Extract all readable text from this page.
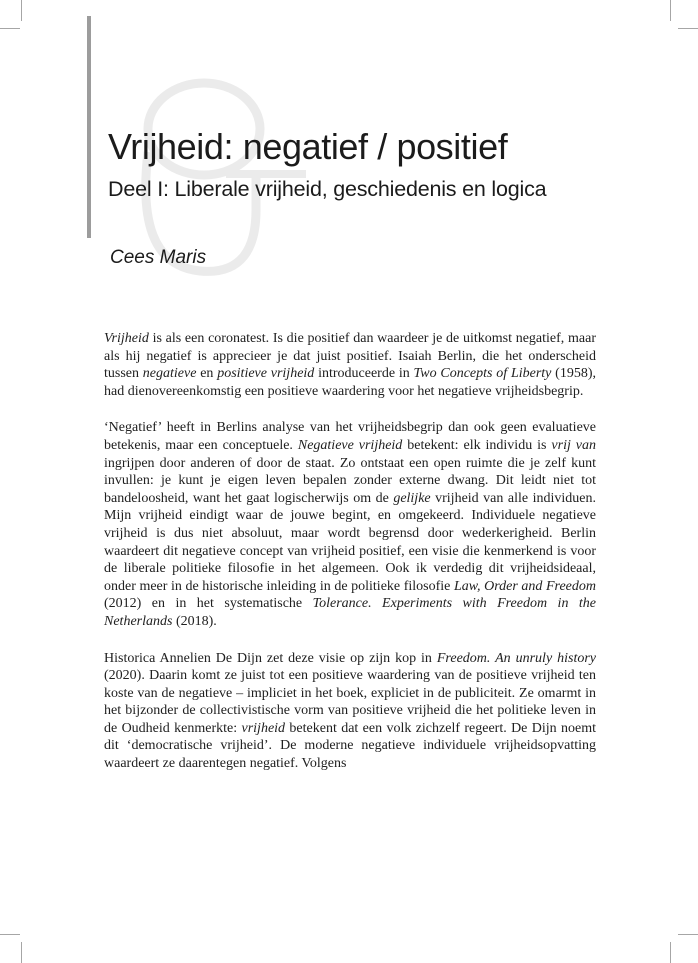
Vrijheid: negatief / positief
Deel I: Liberale vrijheid, geschiedenis en logica
Cees Maris

Vrijheid is als een coronatest. Is die positief dan waardeer je de uitkomst negatief, maar als hij negatief is apprecieer je dat juist positief. Isaiah Berlin, die het onderscheid tussen negatieve en positieve vrijheid introduceerde in Two Concepts of Liberty (1958), had dienovereenkomstig een positieve waardering voor het negatieve vrijheidsbegrip.

‘Negatief’ heeft in Berlins analyse van het vrijheidsbegrip dan ook geen evaluatieve betekenis, maar een conceptuele. Negatieve vrijheid betekent: elk individu is vrij van ingrijpen door anderen of door de staat. Zo ontstaat een open ruimte die je zelf kunt invullen: je kunt je eigen leven bepalen zonder externe dwang. Dit leidt niet tot bandeloosheid, want het gaat logischerwijs om de gelijke vrijheid van alle individuen. Mijn vrijheid eindigt waar de jouwe begint, en omgekeerd. Individuele negatieve vrijheid is dus niet absoluut, maar wordt begrensd door wederkerigheid. Berlin waardeert dit negatieve concept van vrijheid positief, een visie die kenmerkend is voor de liberale politieke filosofie in het algemeen. Ook ik verdedig dit vrijheidsideaal, onder meer in de historische inleiding in de politieke filosofie Law, Order and Freedom (2012) en in het systematische Tolerance. Experiments with Freedom in the Netherlands (2018).

Historica Annelien De Dijn zet deze visie op zijn kop in Freedom. An unruly history (2020). Daarin komt ze juist tot een positieve waardering van de positieve vrijheid ten koste van de negatieve – impliciet in het boek, expliciet in de publiciteit. Ze omarmt in het bijzonder de collectivistische vorm van positieve vrijheid die het politieke leven in de Oudheid kenmerkte: vrijheid betekent dat een volk zichzelf regeert. De Dijn noemt dit ‘democratische vrijheid’. De moderne negatieve individuele vrijheidsopvatting waardeert ze daarentegen negatief. Volgens
